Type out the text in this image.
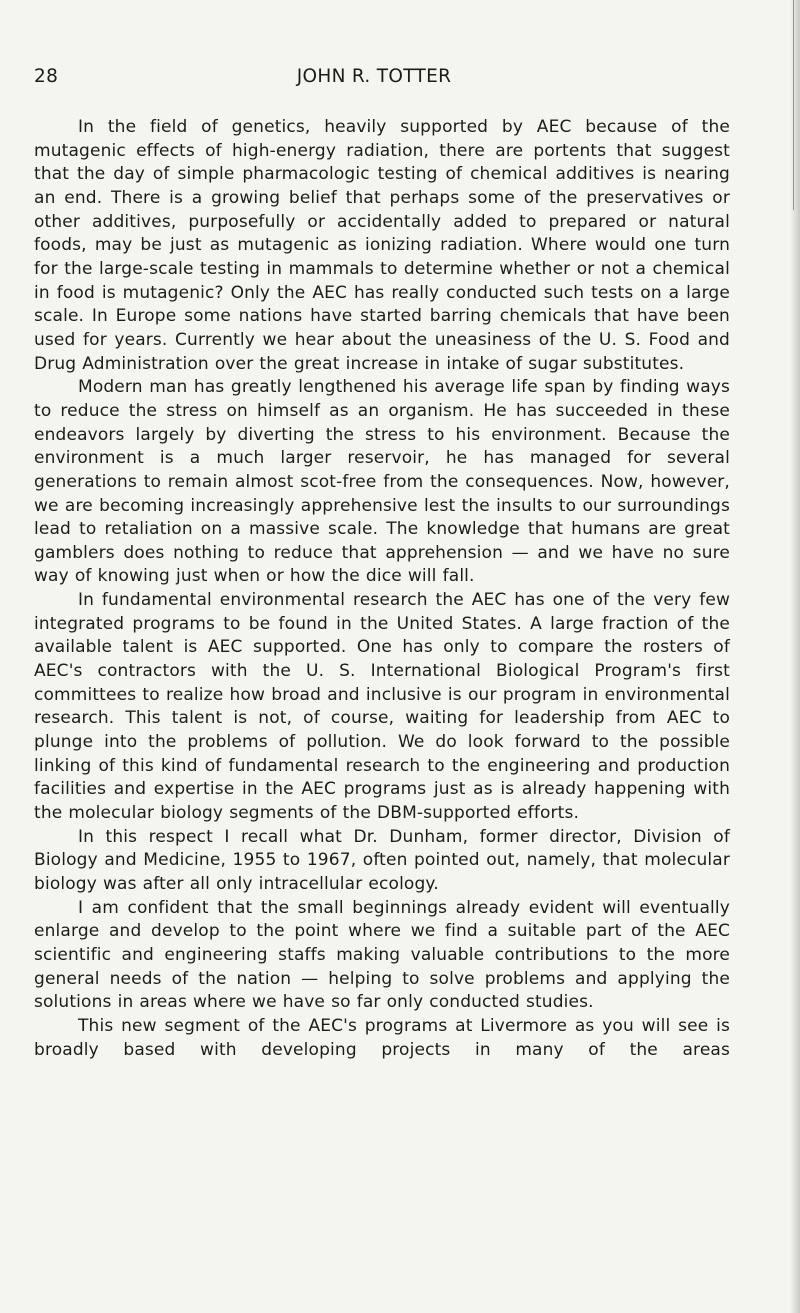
28	JOHN R. TOTTER

In the field of genetics, heavily supported by AEC because of the mutagenic effects of high-energy radiation, there are portents that suggest that the day of simple pharmacologic testing of chemical additives is nearing an end. There is a growing belief that perhaps some of the preservatives or other additives, purposefully or accidentally added to prepared or natural foods, may be just as mutagenic as ionizing radiation. Where would one turn for the large-scale testing in mammals to determine whether or not a chemical in food is mutagenic? Only the AEC has really conducted such tests on a large scale. In Europe some nations have started barring chemicals that have been used for years. Currently we hear about the uneasiness of the U. S. Food and Drug Administration over the great increase in intake of sugar substitutes.

Modern man has greatly lengthened his average life span by finding ways to reduce the stress on himself as an organism. He has succeeded in these endeavors largely by diverting the stress to his environment. Because the environment is a much larger reservoir, he has managed for several generations to remain almost scot-free from the consequences. Now, however, we are becoming increasingly apprehensive lest the insults to our surroundings lead to retaliation on a massive scale. The knowledge that humans are great gamblers does nothing to reduce that apprehension — and we have no sure way of knowing just when or how the dice will fall.

In fundamental environmental research the AEC has one of the very few integrated programs to be found in the United States. A large fraction of the available talent is AEC supported. One has only to compare the rosters of AEC's contractors with the U. S. International Biological Program's first committees to realize how broad and inclusive is our program in environmental research. This talent is not, of course, waiting for leadership from AEC to plunge into the problems of pollution. We do look forward to the possible linking of this kind of fundamental research to the engineering and production facilities and expertise in the AEC programs just as is already happening with the molecular biology segments of the DBM-supported efforts.

In this respect I recall what Dr. Dunham, former director, Division of Biology and Medicine, 1955 to 1967, often pointed out, namely, that molecular biology was after all only intracellular ecology.

I am confident that the small beginnings already evident will eventually enlarge and develop to the point where we find a suitable part of the AEC scientific and engineering staffs making valuable contributions to the more general needs of the nation — helping to solve problems and applying the solutions in areas where we have so far only conducted studies.

This new segment of the AEC's programs at Livermore as you will see is broadly based with developing projects in many of the areas
